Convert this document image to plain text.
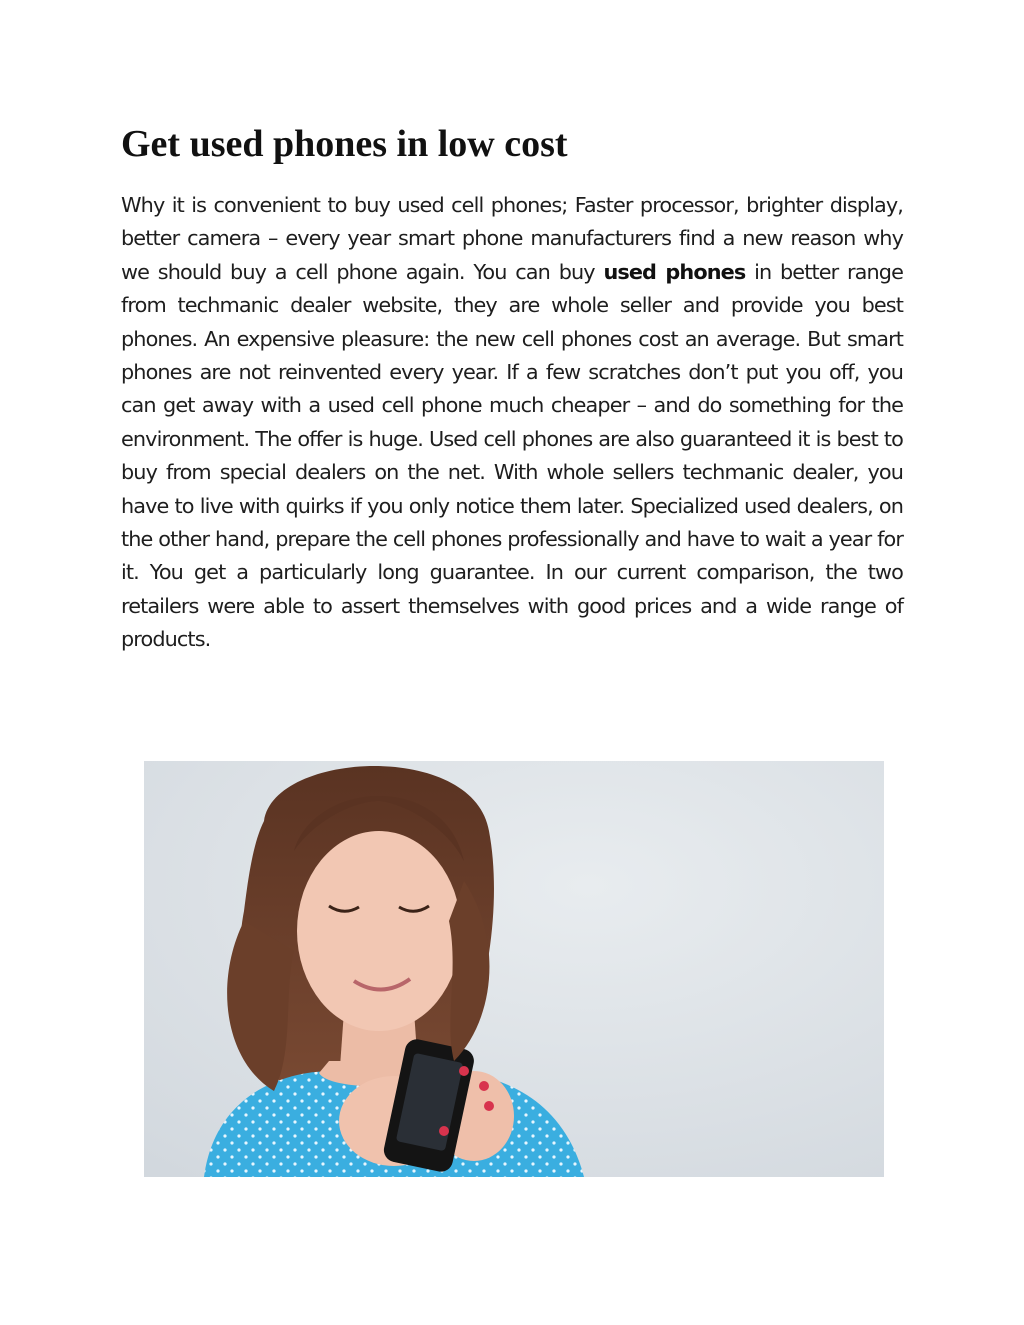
Get used phones in low cost

Why it is convenient to buy used cell phones; Faster processor, brighter display, better camera – every year smart phone manufacturers find a new reason why we should buy a cell phone again. You can buy used phones in better range from techmanic dealer website, they are whole seller and provide you best phones. An expensive pleasure: the new cell phones cost an average. But smart phones are not reinvented every year. If a few scratches don’t put you off, you can get away with a used cell phone much cheaper – and do something for the environment. The offer is huge. Used cell phones are also guaranteed it is best to buy from special dealers on the net. With whole sellers techmanic dealer, you have to live with quirks if you only notice them later. Specialized used dealers, on the other hand, prepare the cell phones professionally and have to wait a year for it. You get a particularly long guarantee. In our current comparison, the two retailers were able to assert themselves with good prices and a wide range of products.
